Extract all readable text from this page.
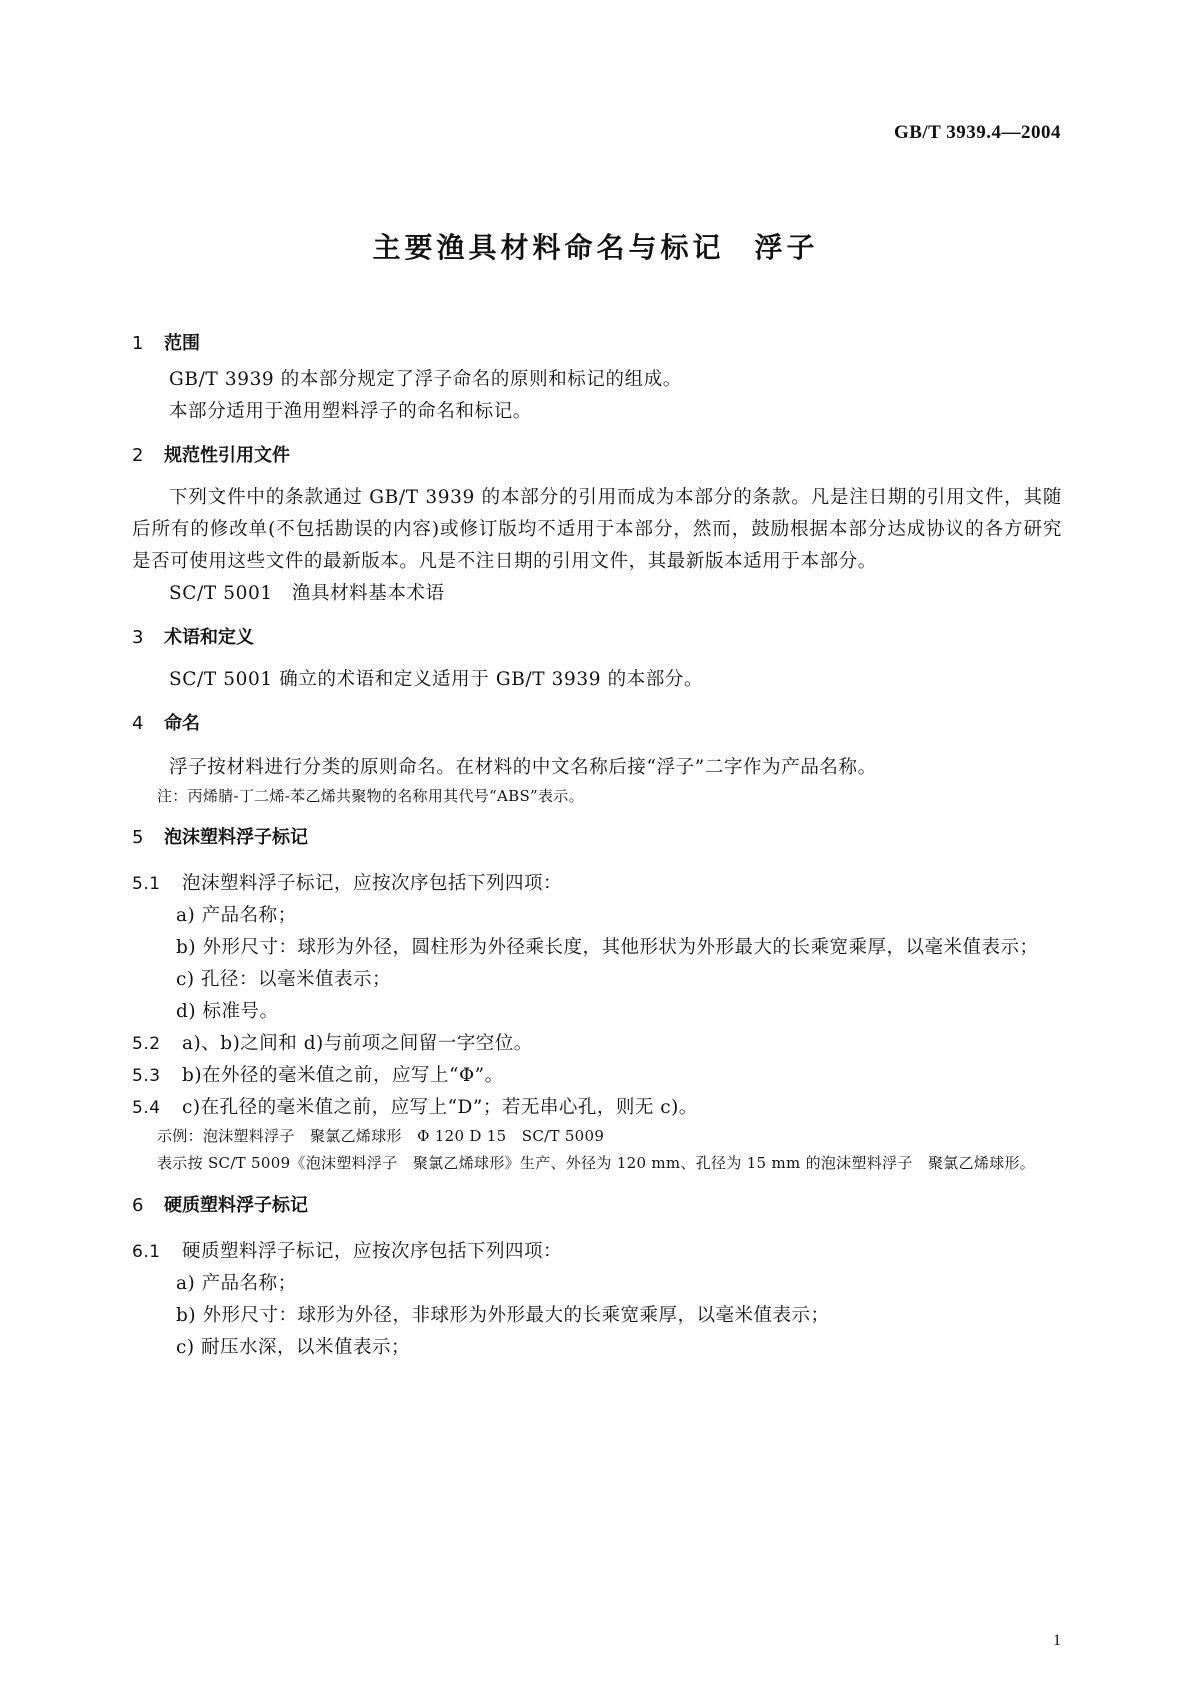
GB/T 3939.4—2004
主要渔具材料命名与标记 浮子
1 范围

GB/T 3939 的本部分规定了浮子命名的原则和标记的组成。

本部分适用于渔用塑料浮子的命名和标记。

2 规范性引用文件

下列文件中的条款通过 GB/T 3939 的本部分的引用而成为本部分的条款。凡是注日期的引用文件，其随后所有的修改单(不包括勘误的内容)或修订版均不适用于本部分，然而，鼓励根据本部分达成协议的各方研究是否可使用这些文件的最新版本。凡是不注日期的引用文件，其最新版本适用于本部分。

SC/T 5001　渔具材料基本术语

3 术语和定义

SC/T 5001 确立的术语和定义适用于 GB/T 3939 的本部分。

4 命名

浮子按材料进行分类的原则命名。在材料的中文名称后接“浮子”二字作为产品名称。

注：丙烯腈-丁二烯-苯乙烯共聚物的名称用其代号“ABS”表示。
5 泡沫塑料浮子标记
5.1 泡沫塑料浮子标记，应按次序包括下列四项：
a) 产品名称；
b) 外形尺寸：球形为外径，圆柱形为外径乘长度，其他形状为外形最大的长乘宽乘厚，以毫米值表示；
c) 孔径：以毫米值表示；
d) 标准号。
5.2 a)、b)之间和 d)与前项之间留一字空位。
5.3 b)在外径的毫米值之前，应写上“Φ”。
5.4 c)在孔径的毫米值之前，应写上“D”；若无串心孔，则无 c)。
示例：泡沫塑料浮子　聚氯乙烯球形　Φ 120 D 15　SC/T 5009
表示按 SC/T 5009《泡沫塑料浮子　聚氯乙烯球形》生产、外径为 120 mm、孔径为 15 mm 的泡沫塑料浮子　聚氯乙烯球形。
6 硬质塑料浮子标记
6.1 硬质塑料浮子标记，应按次序包括下列四项：
a) 产品名称；
b) 外形尺寸：球形为外径，非球形为外形最大的长乘宽乘厚，以毫米值表示；
c) 耐压水深，以米值表示；
1
